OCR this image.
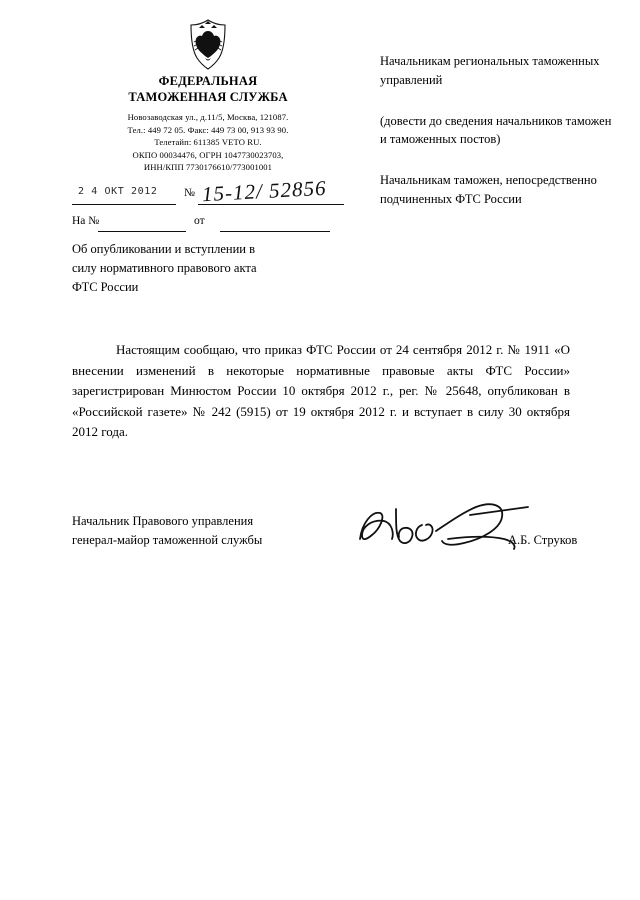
ФЕДЕРАЛЬНАЯ
ТАМОЖЕННАЯ СЛУЖБА
Новозаводская ул., д.11/5, Москва, 121087.
Тел.: 449 72 05. Факс: 449 73 00, 913 93 90.
Телетайп: 611385 VETO RU.
ОКПО 00034476, ОГРН 1047730023703,
ИНН/КПП 7730176610/773001001
2 4 ОКТ 2012 № 15-12/ 52856
На №	от
Об опубликовании и вступлении в
силу нормативного правового акта
ФТС России

Начальникам региональных таможенных управлений

(довести до сведения начальников таможен и таможенных постов)

Начальникам таможен, непосредственно подчиненных ФТС России

Настоящим сообщаю, что приказ ФТС России от 24 сентября 2012 г. № 1911 «О внесении изменений в некоторые нормативные правовые акты ФТС России» зарегистрирован Минюстом России 10 октября 2012 г., рег. № 25648, опубликован в «Российской газете» № 242 (5915) от 19 октября 2012 г. и вступает в силу 30 октября 2012 года.
Начальник Правового управления
генерал-майор таможенной службы	А.Б. Струков
